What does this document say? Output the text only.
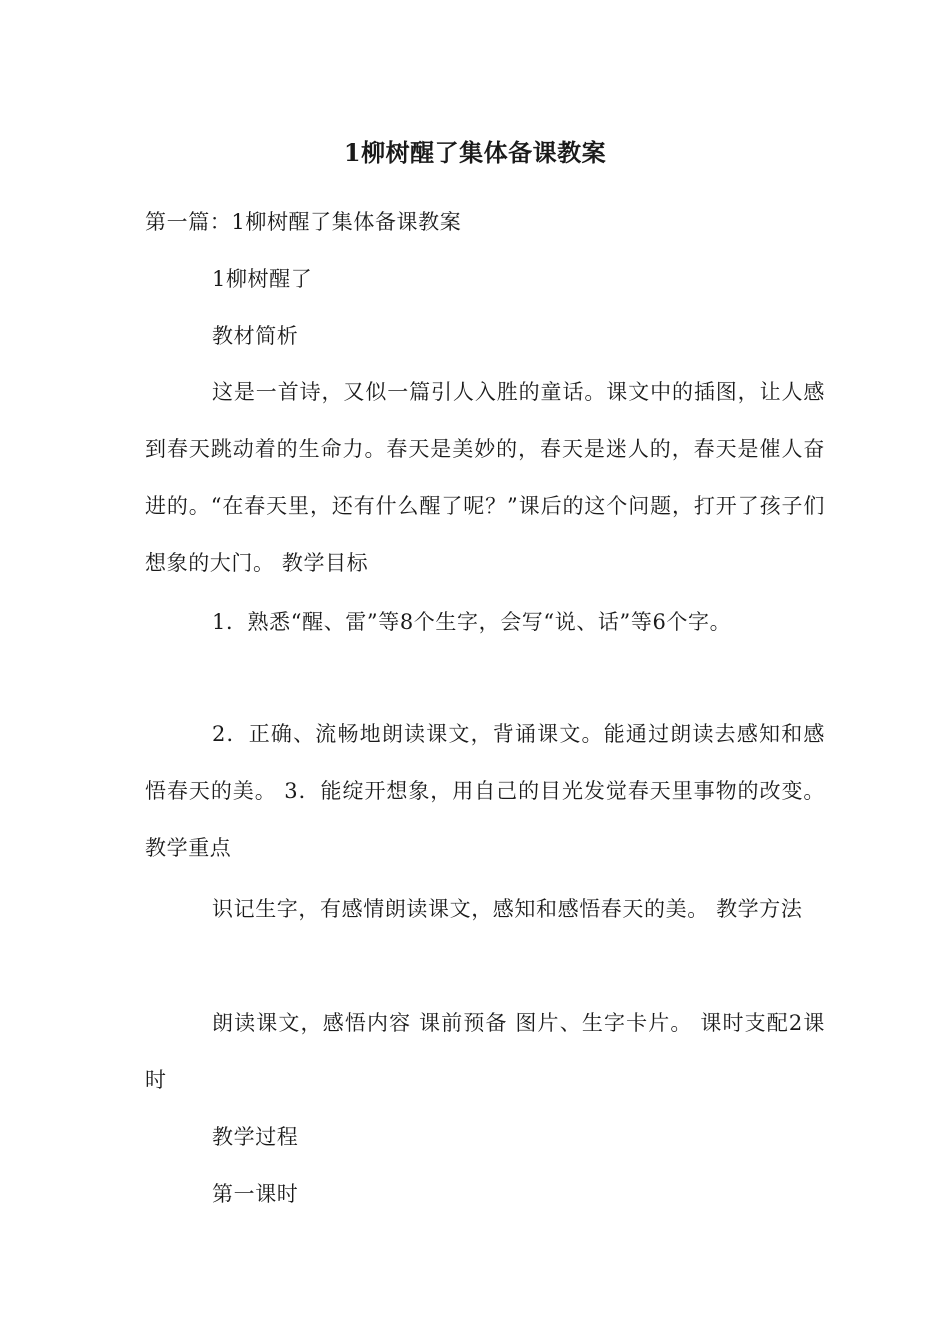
1柳树醒了集体备课教案
第一篇：1柳树醒了集体备课教案
1柳树醒了
教材简析
这是一首诗，又似一篇引人入胜的童话。课文中的插图，让人感到春天跳动着的生命力。春天是美妙的，春天是迷人的，春天是催人奋进的。“在春天里，还有什么醒了呢？”课后的这个问题，打开了孩子们想象的大门。 教学目标
1．熟悉“醒、雷”等8个生字，会写“说、话”等6个字。
2．正确、流畅地朗读课文，背诵课文。能通过朗读去感知和感悟春天的美。 3．能绽开想象，用自己的目光发觉春天里事物的改变。 教学重点
识记生字，有感情朗读课文，感知和感悟春天的美。 教学方法
朗读课文，感悟内容 课前预备 图片、生字卡片。 课时支配2课时
教学过程
第一课时
